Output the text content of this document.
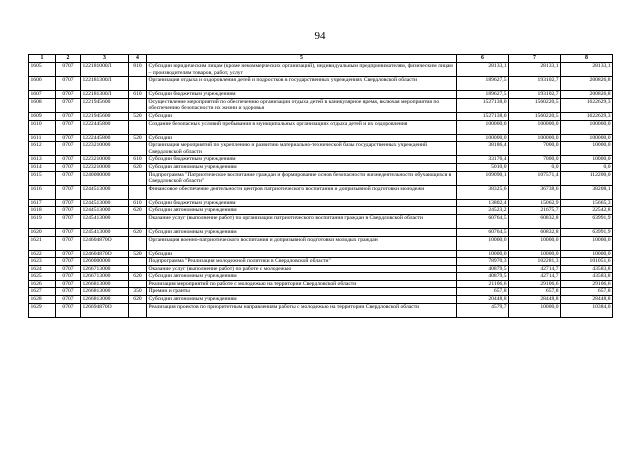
94
1	2	3	4	5	6	7	8
1605	0707	122181000Л	810	Субсидии юридическим лицам (кроме некоммерческих организаций), индивидуальным предпринимателям, физическим лицам – производителям товаров, работ, услуг	28133,1	28133,1	28133,1
1606	0707	122181300Л		Организация отдыха и оздоровления детей и подростков в государственных учреждениях Свердловской области	189627,5	193102,7	200826,8
1607	0707	122181300Л	610	Субсидии бюджетным учреждениям	189627,5	193102,7	200826,8
1608	0707	1221945600		Осуществление мероприятий по обеспечению организации отдыха детей в каникулярное время, включая мероприятия по обеспечению безопасности их жизни и здоровья	1527138,0	1560220,5	1622629,3
1609	0707	1221945600	520	Субсидии	1527138,0	1560220,5	1622629,3
1610	0707	1222445800		Создание безопасных условий пребывания в муниципальных организациях отдыха детей и их оздоровления	100000,0	100000,0	100000,0
1611	0707	1222445800	520	Субсидии	100000,0	100000,0	100000,0
1612	0707	1223210000		Организация мероприятий по укреплению и развитию материально-технической базы государственных учреждений Свердловской области	38186,4	7000,0	10000,0
1613	0707	1223210000	610	Субсидии бюджетным учреждениям	33176,4	7000,0	10000,0
1614	0707	1223210000	620	Субсидии автономным учреждениям	5010,0	0,0	0,0
1615	0707	1240000000		Подпрограмма "Патриотическое воспитание граждан и формирование основ безопасности жизнедеятельности обучающихся в Свердловской области"	109090,1	107571,4	112200,0
1616	0707	1244513000		Финансовое обеспечение деятельности центров патриотического воспитания и допризывной подготовки молодежи	38325,6	36738,6	38208,1
1617	0707	1244513000	610	Субсидии бюджетным учреждениям	13802,4	15062,9	15665,3
1618	0707	1244513000	620	Субсидии автономным учреждениям	24523,2	21675,7	22542,8
1619	0707	1245413000		Оказание услуг (выполнение работ) по организации патриотического воспитания граждан в Свердловской области	60764,5	60832,8	63991,9
1620	0707	1245413000	620	Субсидии автономным учреждениям	60764,5	60832,8	63991,9
1621	0707	124604870О		Организация военно-патриотического воспитания и допризывной подготовки молодых граждан	10000,0	10000,0	10000,0
1622	0707	124604870О	520	Субсидии	10000,0	10000,0	10000,0
1623	0707	1260000000		Подпрограмма "Реализация молодежной политики в Свердловской области"	78970,3	102281,3	101051,6
1624	0707	1266713000		Оказание услуг (выполнение работ) по работе с молодежью	40879,5	42714,7	43583,8
1625	0707	1266713000	620	Субсидии автономным учреждениям	40879,5	42714,7	43583,8
1626	0707	1266813000		Реализация мероприятий по работе с молодежью на территории Свердловской области	21106,6	29106,6	29106,6
1627	0707	1266813000	350	Премии и гранты	657,8	657,8	657,8
1628	0707	1266813000	620	Субсидии автономным учреждениям	20448,8	28448,8	28448,8
1629	0707	126694870О		Реализация проектов по приоритетным направлениям работы с молодежью на территории Свердловской области	4579,7	10000,0	10384,0
